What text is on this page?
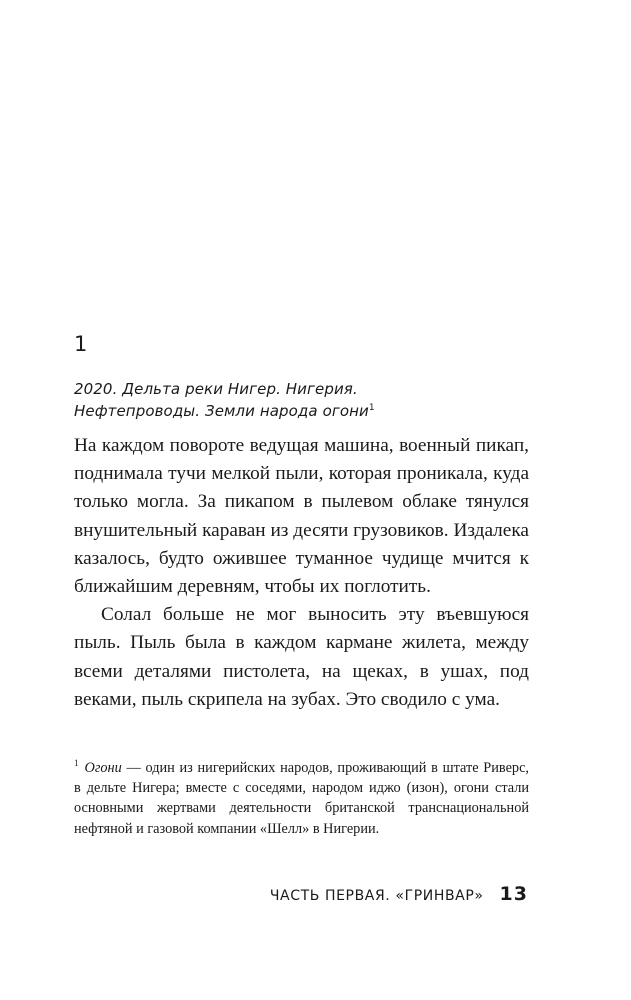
1

2020. Дельта реки Нигер. Нигерия.
Нефтепроводы. Земли народа огони$^1$

На каждом повороте ведущая машина, военный пикап, поднимала тучи мелкой пыли, которая проникала, куда только могла. За пикапом в пылевом облаке тянулся внушительный караван из десяти грузовиков. Издалека казалось, будто ожившее туманное чудище мчится к ближайшим деревням, чтобы их поглотить.

Солал больше не мог выносить эту въевшуюся пыль. Пыль была в каждом кармане жилета, между всеми деталями пистолета, на щеках, в ушах, под веками, пыль скрипела на зубах. Это сводило с ума.

$^1$ Огони — один из нигерийских народов, проживающий в штате Риверс, в дельте Нигера; вместе с соседями, народом иджо (изон), огони стали основными жертвами деятельности британской транснациональной нефтяной и газовой компании «Шелл» в Нигерии.

ЧАСТЬ ПЕРВАЯ. «ГРИНВАР» 13
